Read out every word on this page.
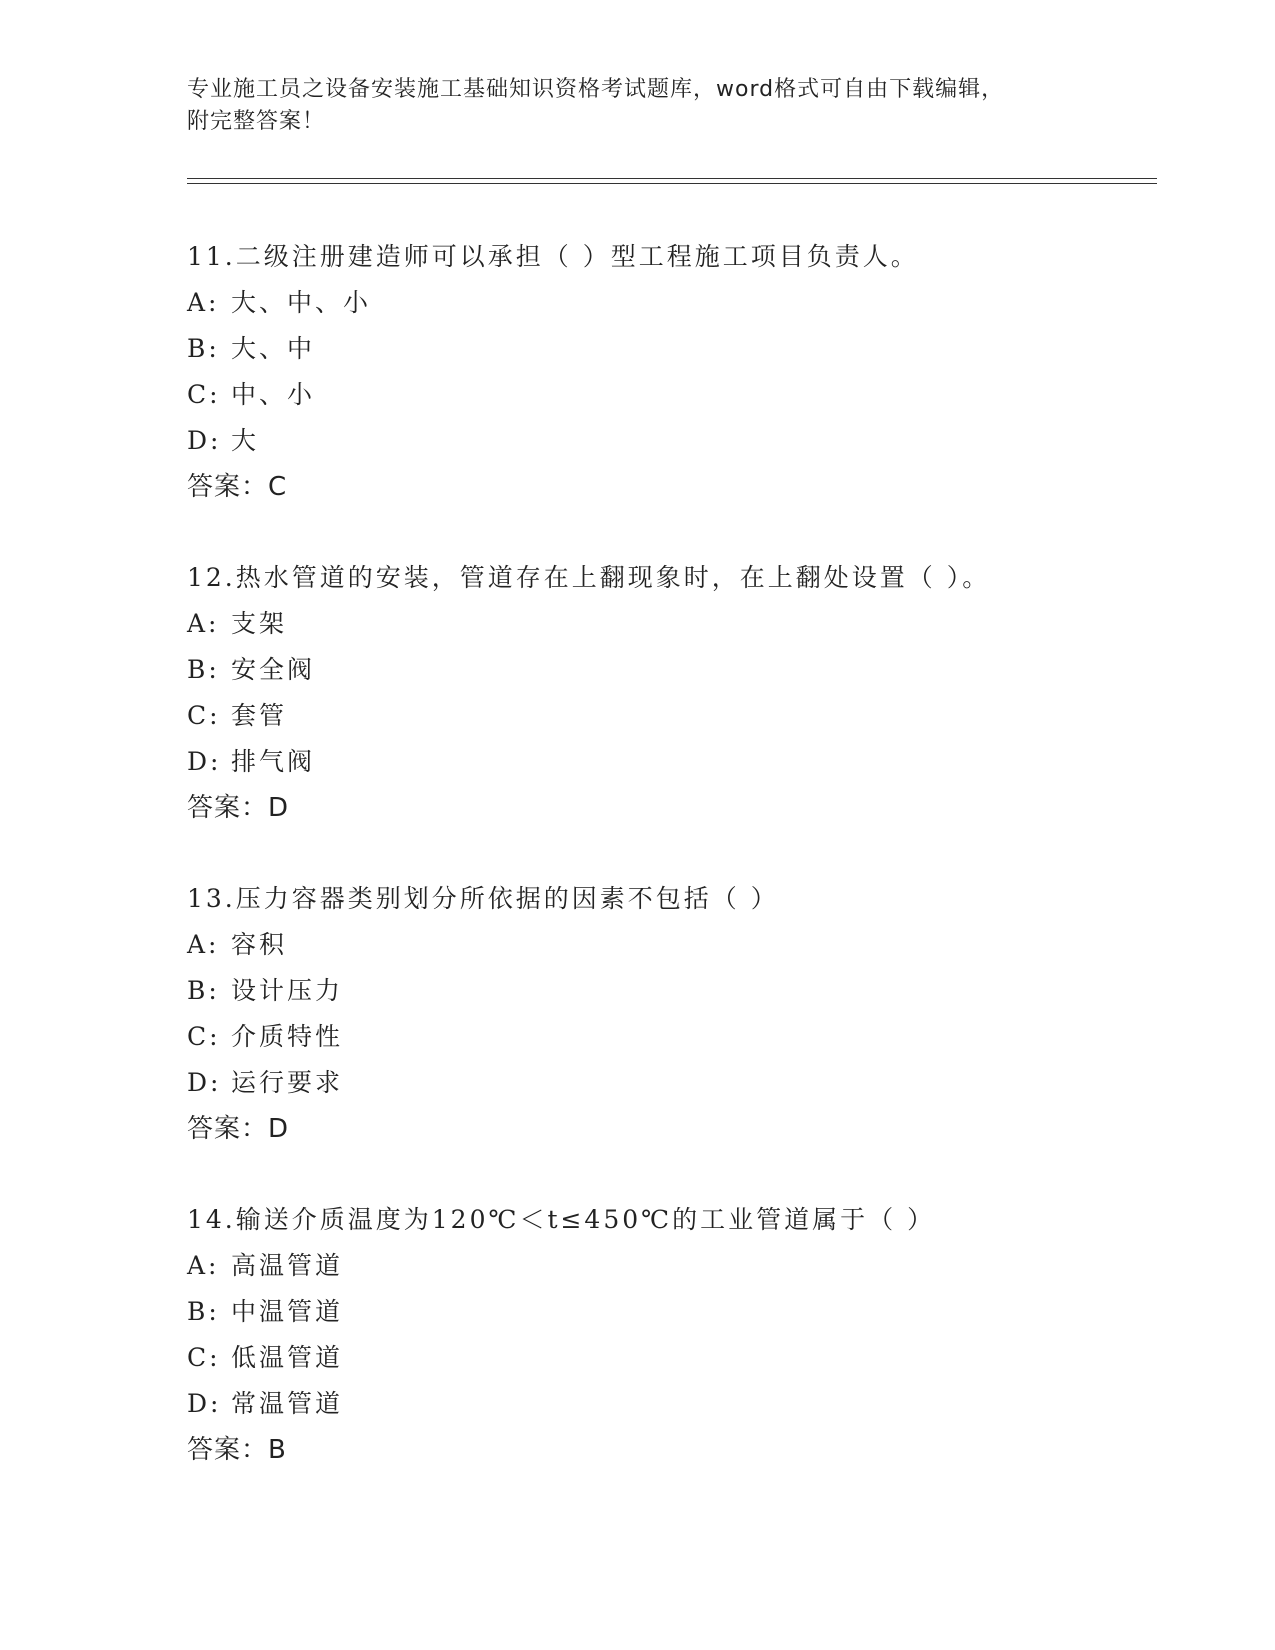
专业施工员之设备安装施工基础知识资格考试题库，word格式可自由下载编辑，
附完整答案！
11.二级注册建造师可以承担（ ）型工程施工项目负责人。
A: 大、中、小
B: 大、中
C: 中、小
D: 大
答案：C
12.热水管道的安装，管道存在上翻现象时，在上翻处设置（ ）。
A: 支架
B: 安全阀
C: 套管
D: 排气阀
答案：D
13.压力容器类别划分所依据的因素不包括（ ）
A: 容积
B: 设计压力
C: 介质特性
D: 运行要求
答案：D
14.输送介质温度为120℃＜t≤450℃的工业管道属于（ ）
A: 高温管道
B: 中温管道
C: 低温管道
D: 常温管道
答案：B
